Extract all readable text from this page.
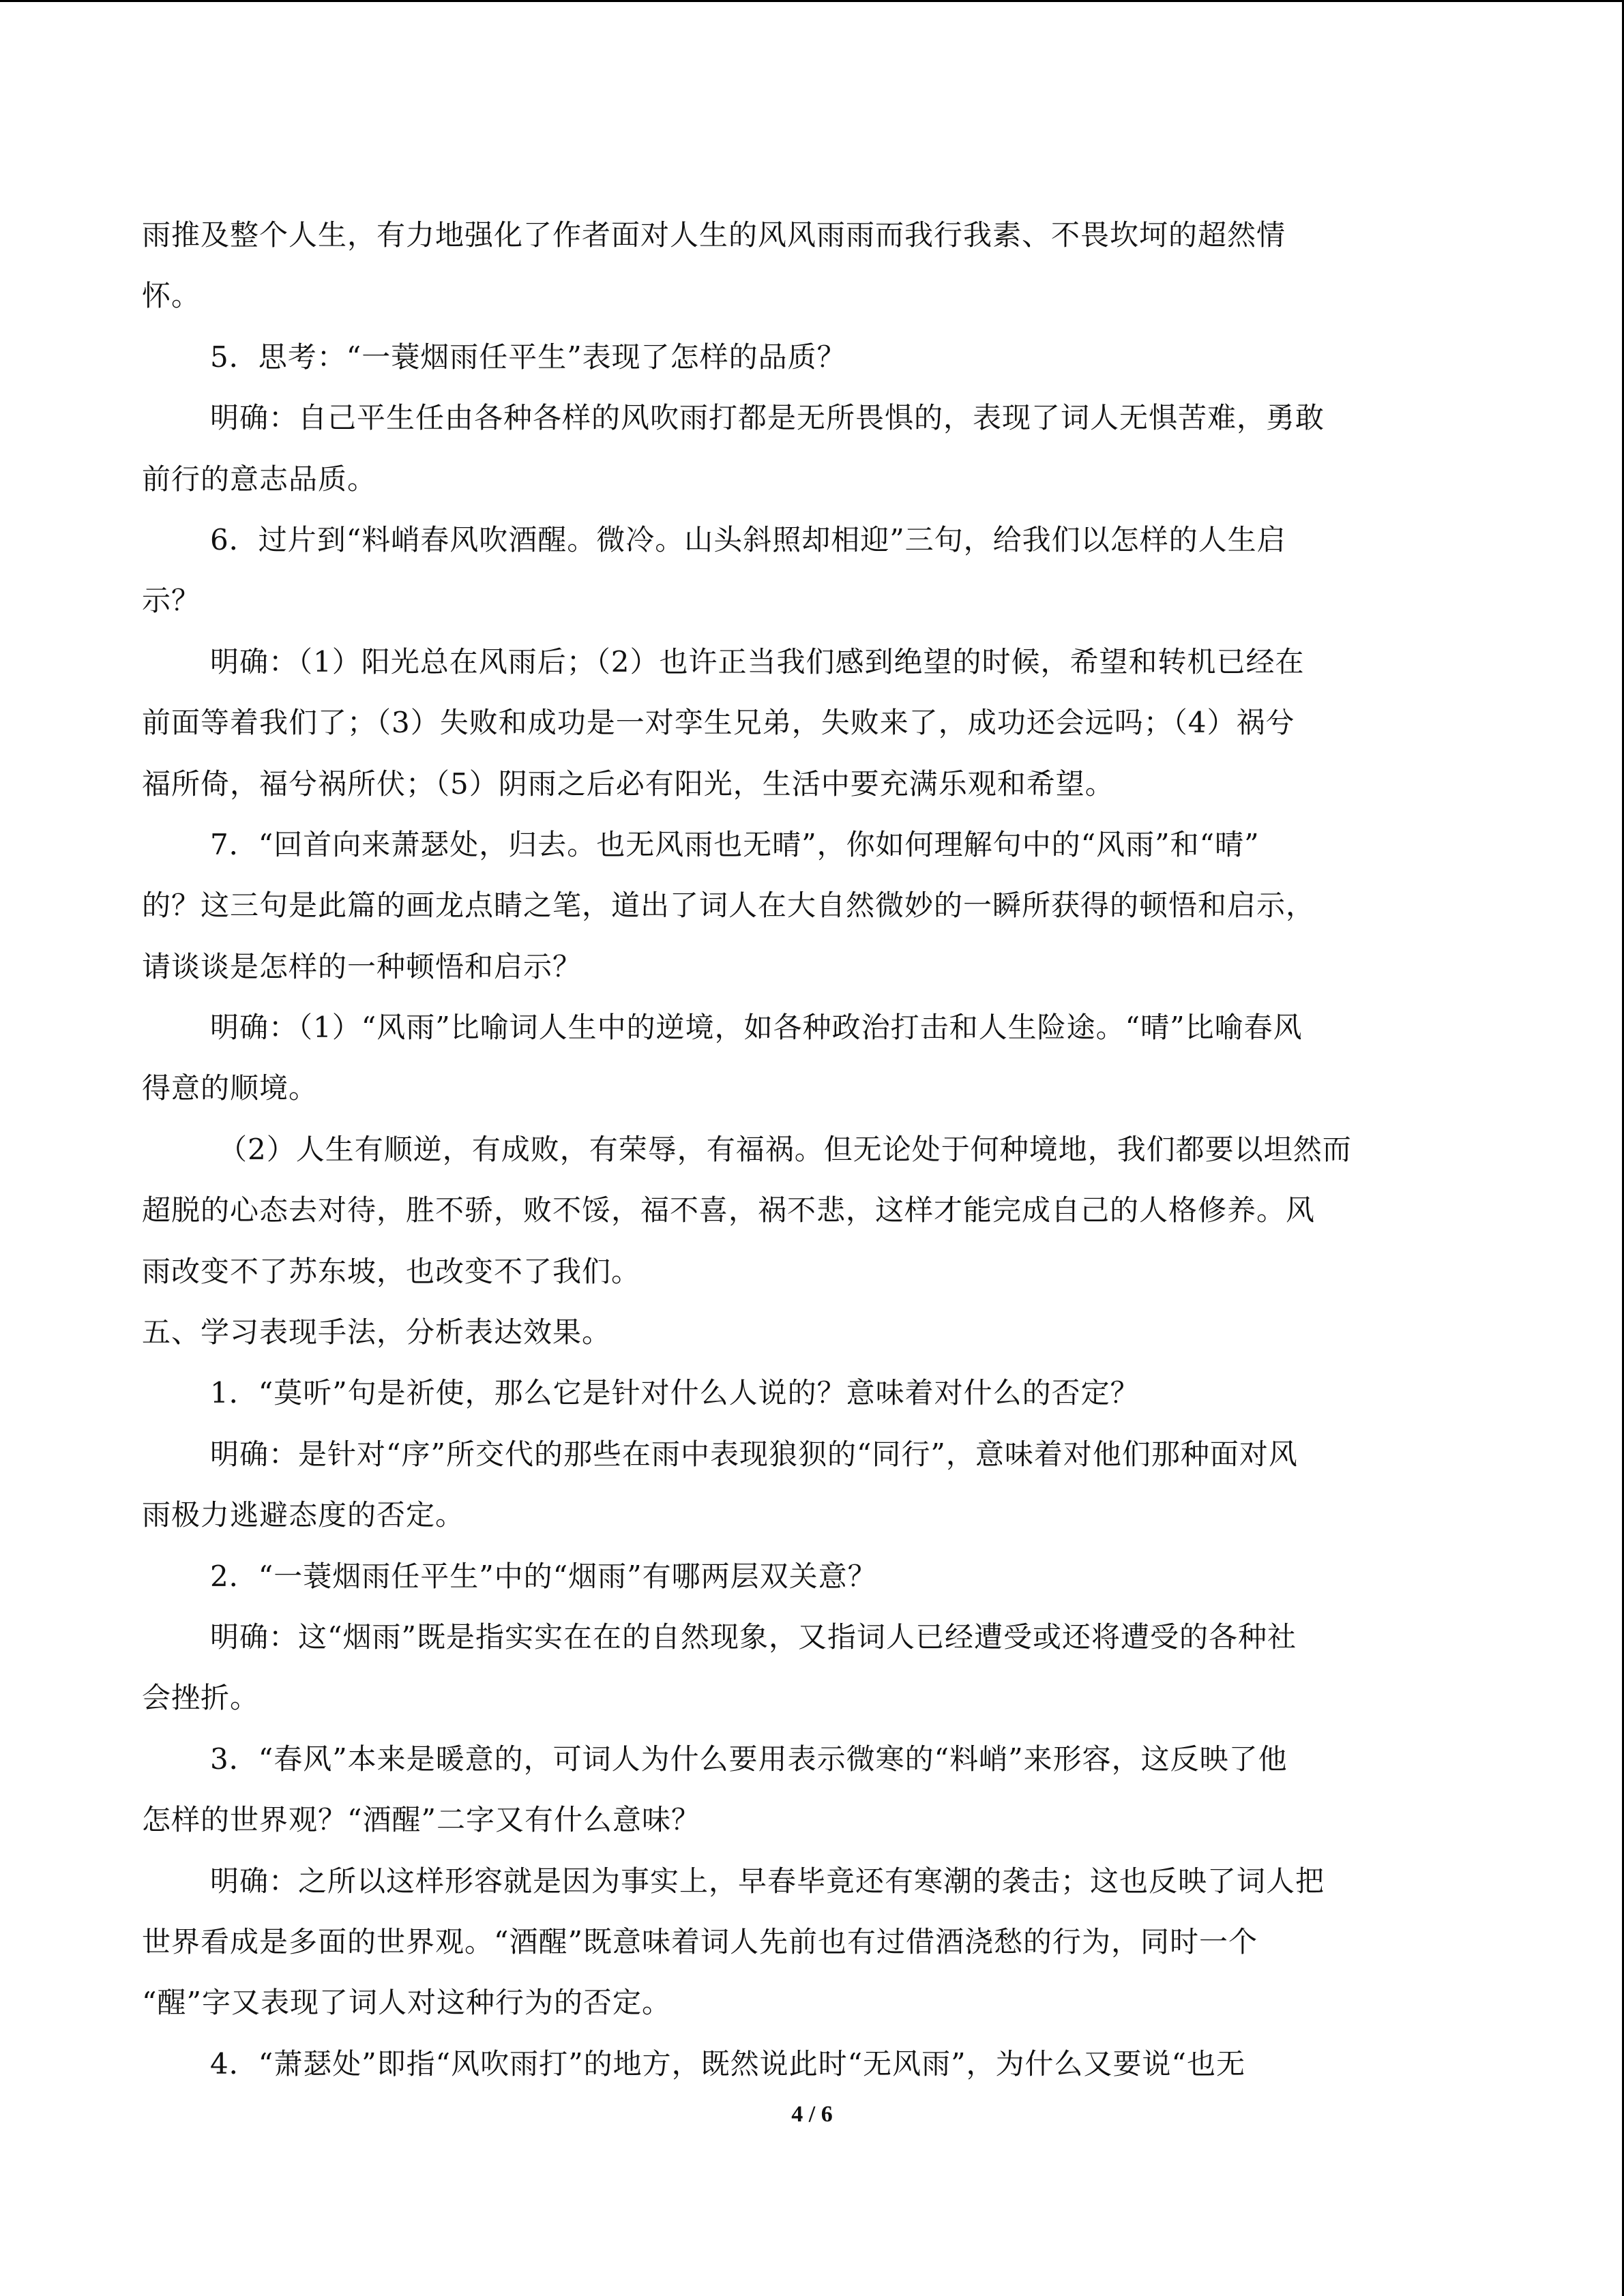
雨推及整个人生，有力地强化了作者面对人生的风风雨雨而我行我素、不畏坎坷的超然情
怀。
5．思考：“一蓑烟雨任平生”表现了怎样的品质？
明确：自己平生任由各种各样的风吹雨打都是无所畏惧的，表现了词人无惧苦难，勇敢
前行的意志品质。
6．过片到“料峭春风吹酒醒。微冷。山头斜照却相迎”三句，给我们以怎样的人生启
示？
明确：（1）阳光总在风雨后；（2）也许正当我们感到绝望的时候，希望和转机已经在
前面等着我们了；（3）失败和成功是一对孪生兄弟，失败来了，成功还会远吗；（4）祸兮
福所倚，福兮祸所伏；（5）阴雨之后必有阳光，生活中要充满乐观和希望。
7．“回首向来萧瑟处，归去。也无风雨也无晴”，你如何理解句中的“风雨”和“晴”
的？这三句是此篇的画龙点睛之笔，道出了词人在大自然微妙的一瞬所获得的顿悟和启示，
请谈谈是怎样的一种顿悟和启示？
明确：（1）“风雨”比喻词人生中的逆境，如各种政治打击和人生险途。“晴”比喻春风
得意的顺境。
（2）人生有顺逆，有成败，有荣辱，有福祸。但无论处于何种境地，我们都要以坦然而
超脱的心态去对待，胜不骄，败不馁，福不喜，祸不悲，这样才能完成自己的人格修养。风
雨改变不了苏东坡，也改变不了我们。
五、学习表现手法，分析表达效果。
1．“莫听”句是祈使，那么它是针对什么人说的？意味着对什么的否定？
明确：是针对“序”所交代的那些在雨中表现狼狈的“同行”，意味着对他们那种面对风
雨极力逃避态度的否定。
2．“一蓑烟雨任平生”中的“烟雨”有哪两层双关意？
明确：这“烟雨”既是指实实在在的自然现象，又指词人已经遭受或还将遭受的各种社
会挫折。
3．“春风”本来是暖意的，可词人为什么要用表示微寒的“料峭”来形容，这反映了他
怎样的世界观？“酒醒”二字又有什么意味？
明确：之所以这样形容就是因为事实上，早春毕竟还有寒潮的袭击；这也反映了词人把
世界看成是多面的世界观。“酒醒”既意味着词人先前也有过借酒浇愁的行为，同时一个
“醒”字又表现了词人对这种行为的否定。
4．“萧瑟处”即指“风吹雨打”的地方，既然说此时“无风雨”，为什么又要说“也无
4 / 6
